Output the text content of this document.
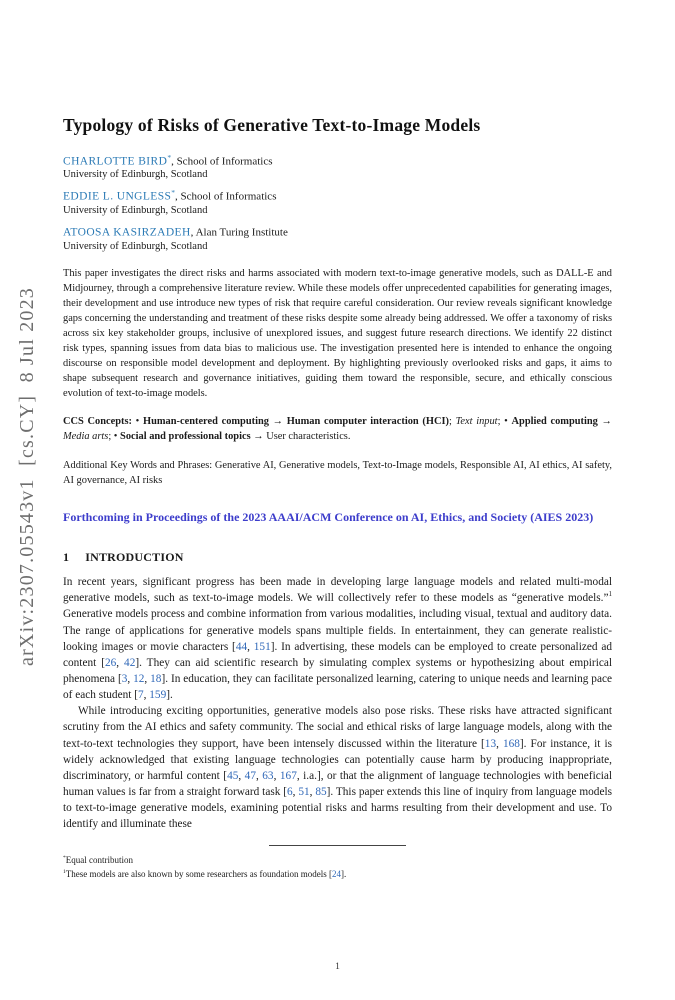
arXiv:2307.05543v1  [cs.CY]  8 Jul 2023
Typology of Risks of Generative Text-to-Image Models
CHARLOTTE BIRD*, School of Informatics
University of Edinburgh, Scotland
EDDIE L. UNGLESS*, School of Informatics
University of Edinburgh, Scotland
ATOOSA KASIRZADEH, Alan Turing Institute
University of Edinburgh, Scotland

This paper investigates the direct risks and harms associated with modern text-to-image generative models, such as DALL-E and Midjourney, through a comprehensive literature review. While these models offer unprecedented capabilities for generating images, their development and use introduce new types of risk that require careful consideration. Our review reveals significant knowledge gaps concerning the understanding and treatment of these risks despite some already being addressed. We offer a taxonomy of risks across six key stakeholder groups, inclusive of unexplored issues, and suggest future research directions. We identify 22 distinct risk types, spanning issues from data bias to malicious use. The investigation presented here is intended to enhance the ongoing discourse on responsible model development and deployment. By highlighting previously overlooked risks and gaps, it aims to shape subsequent research and governance initiatives, guiding them toward the responsible, secure, and ethically conscious evolution of text-to-image models.

CCS Concepts: • Human-centered computing → Human computer interaction (HCI); Text input; • Applied computing → Media arts; • Social and professional topics → User characteristics.

Additional Key Words and Phrases: Generative AI, Generative models, Text-to-Image models, Responsible AI, AI ethics, AI safety, AI governance, AI risks

Forthcoming in Proceedings of the 2023 AAAI/ACM Conference on AI, Ethics, and Society (AIES 2023)

1 INTRODUCTION

In recent years, significant progress has been made in developing large language models and related multi-modal generative models, such as text-to-image models. We will collectively refer to these models as “generative models.”$^1$ Generative models process and combine information from various modalities, including visual, textual and auditory data. The range of applications for generative models spans multiple fields. In entertainment, they can generate realistic-looking images or movie characters [44, 151]. In advertising, these models can be employed to create personalized ad content [26, 42]. They can aid scientific research by simulating complex systems or hypothesizing about empirical phenomena [3, 12, 18]. In education, they can facilitate personalized learning, catering to unique needs and learning pace of each student [7, 159].

While introducing exciting opportunities, generative models also pose risks. These risks have attracted significant scrutiny from the AI ethics and safety community. The social and ethical risks of large language models, along with the text-to-text technologies they support, have been intensely discussed within the literature [13, 168]. For instance, it is widely acknowledged that existing language technologies can potentially cause harm by producing inappropriate, discriminatory, or harmful content [45, 47, 63, 167, i.a.], or that the alignment of language technologies with beneficial human values is far from a straight forward task [6, 51, 85]. This paper extends this line of inquiry from language models to text-to-image generative models, examining potential risks and harms resulting from their development and use. To identify and illuminate these

*Equal contribution
$^1$These models are also known by some researchers as foundation models [24].
1
